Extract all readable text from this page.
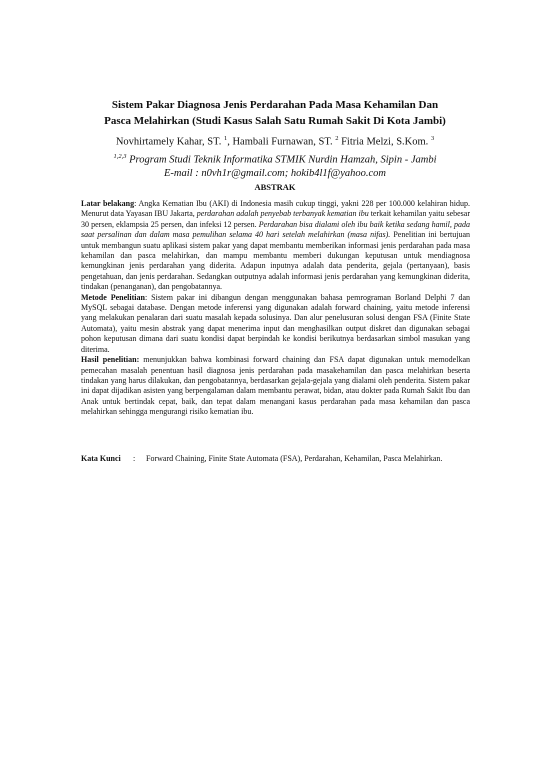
Sistem Pakar Diagnosa Jenis Perdarahan Pada Masa Kehamilan Dan
Pasca Melahirkan (Studi Kasus Salah Satu Rumah Sakit Di Kota Jambi)
Novhirtamely Kahar, ST. $^1$, Hambali Furnawan, ST. $^2$ Fitria Melzi, S.Kom. $^3$
$^{1,2,3}$ Program Studi Teknik Informatika STMIK Nurdin Hamzah, Sipin - Jambi
E-mail : n0vh1r@gmail.com; hokib4l1f@yahoo.com
ABSTRAK

Latar belakang: Angka Kematian Ibu (AKI) di Indonesia masih cukup tinggi, yakni 228 per 100.000 kelahiran hidup. Menurut data Yayasan IBU Jakarta, perdarahan adalah penyebab terbanyak kematian ibu terkait kehamilan yaitu sebesar 30 persen, eklampsia 25 persen, dan infeksi 12 persen. Perdarahan bisa dialami oleh ibu baik ketika sedang hamil, pada saat persalinan dan dalam masa pemulihan selama 40 hari setelah melahirkan (masa nifas). Penelitian ini bertujuan untuk membangun suatu aplikasi sistem pakar yang dapat membantu memberikan informasi jenis perdarahan pada masa kehamilan dan pasca melahirkan, dan mampu membantu memberi dukungan keputusan untuk mendiagnosa kemungkinan jenis perdarahan yang diderita. Adapun inputnya adalah data penderita, gejala (pertanyaan), basis pengetahuan, dan jenis perdarahan. Sedangkan outputnya adalah informasi jenis perdarahan yang kemungkinan diderita, tindakan (penanganan), dan pengobatannya.

Metode Penelitian: Sistem pakar ini dibangun dengan menggunakan bahasa pemrograman Borland Delphi 7 dan MySQL sebagai database. Dengan metode inferensi yang digunakan adalah forward chaining, yaitu metode inferensi yang melakukan penalaran dari suatu masalah kepada solusinya. Dan alur penelusuran solusi dengan FSA (Finite State Automata), yaitu mesin abstrak yang dapat menerima input dan menghasilkan output diskret dan digunakan sebagai pohon keputusan dimana dari suatu kondisi dapat berpindah ke kondisi berikutnya berdasarkan simbol masukan yang diterima.

Hasil penelitian: menunjukkan bahwa kombinasi forward chaining dan FSA dapat digunakan untuk memodelkan pemecahan masalah penentuan hasil diagnosa jenis perdarahan pada masakehamilan dan pasca melahirkan beserta tindakan yang harus dilakukan, dan pengobatannya, berdasarkan gejala-gejala yang dialami oleh penderita. Sistem pakar ini dapat dijadikan asisten yang berpengalaman dalam membantu perawat, bidan, atau dokter pada Rumah Sakit Ibu dan Anak untuk bertindak cepat, baik, dan tepat dalam menangani kasus perdarahan pada masa kehamilan dan pasca melahirkan sehingga mengurangi risiko kematian ibu.

Kata Kunci	:	Forward Chaining, Finite State Automata (FSA), Perdarahan, Kehamilan, Pasca Melahirkan.
